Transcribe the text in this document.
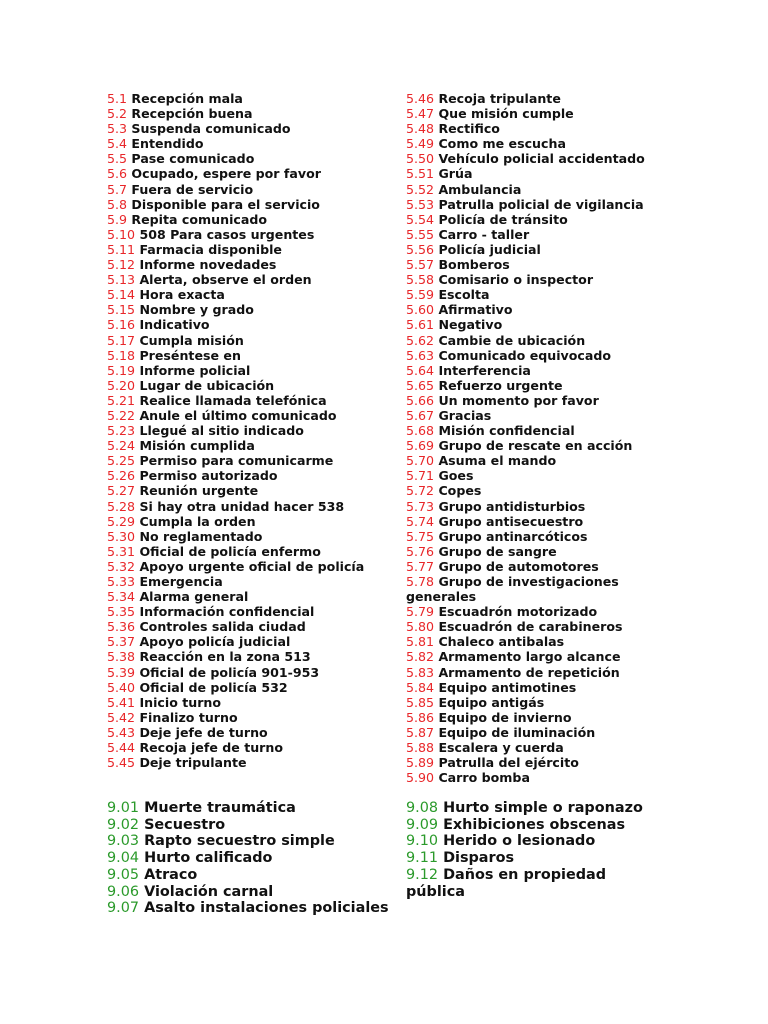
5.1 Recepción mala
5.2 Recepción buena
5.3 Suspenda comunicado
5.4 Entendido
5.5 Pase comunicado
5.6 Ocupado, espere por favor
5.7 Fuera de servicio
5.8 Disponible para el servicio
5.9 Repita comunicado
5.10 508 Para casos urgentes
5.11 Farmacia disponible
5.12 Informe novedades
5.13 Alerta, observe el orden
5.14 Hora exacta
5.15 Nombre y grado
5.16 Indicativo
5.17 Cumpla misión
5.18 Preséntese en
5.19 Informe policial
5.20 Lugar de ubicación
5.21 Realice llamada telefónica
5.22 Anule el último comunicado
5.23 Llegué al sitio indicado
5.24 Misión cumplida
5.25 Permiso para comunicarme
5.26 Permiso autorizado
5.27 Reunión urgente
5.28 Si hay otra unidad hacer 538
5.29 Cumpla la orden
5.30 No reglamentado
5.31 Oficial de policía enfermo
5.32 Apoyo urgente oficial de policía
5.33 Emergencia
5.34 Alarma general
5.35 Información confidencial
5.36 Controles salida ciudad
5.37 Apoyo policía judicial
5.38 Reacción en la zona 513
5.39 Oficial de policía 901-953
5.40 Oficial de policía 532
5.41 Inicio turno
5.42 Finalizo turno
5.43 Deje jefe de turno
5.44 Recoja jefe de turno
5.45 Deje tripulante
5.46 Recoja tripulante
5.47 Que misión cumple
5.48 Rectifico
5.49 Como me escucha
5.50 Vehículo policial accidentado
5.51 Grúa
5.52 Ambulancia
5.53 Patrulla policial de vigilancia
5.54 Policía de tránsito
5.55 Carro - taller
5.56 Policía judicial
5.57 Bomberos
5.58 Comisario o inspector
5.59 Escolta
5.60 Afirmativo
5.61 Negativo
5.62 Cambie de ubicación
5.63 Comunicado equivocado
5.64 Interferencia
5.65 Refuerzo urgente
5.66 Un momento por favor
5.67 Gracias
5.68 Misión confidencial
5.69 Grupo de rescate en acción
5.70 Asuma el mando
5.71 Goes
5.72 Copes
5.73 Grupo antidisturbios
5.74 Grupo antisecuestro
5.75 Grupo antinarcóticos
5.76 Grupo de sangre
5.77 Grupo de automotores
5.78 Grupo de investigaciones generales
5.79 Escuadrón motorizado
5.80 Escuadrón de carabineros
5.81 Chaleco antibalas
5.82 Armamento largo alcance
5.83 Armamento de repetición
5.84 Equipo antimotines
5.85 Equipo antigás
5.86 Equipo de invierno
5.87 Equipo de iluminación
5.88 Escalera y cuerda
5.89 Patrulla del ejército
5.90 Carro bomba
9.01 Muerte traumática
9.02 Secuestro
9.03 Rapto secuestro simple
9.04 Hurto calificado
9.05 Atraco
9.06 Violación carnal
9.07 Asalto instalaciones policiales
9.08 Hurto simple o raponazo
9.09 Exhibiciones obscenas
9.10 Herido o lesionado
9.11 Disparos
9.12 Daños en propiedad pública
